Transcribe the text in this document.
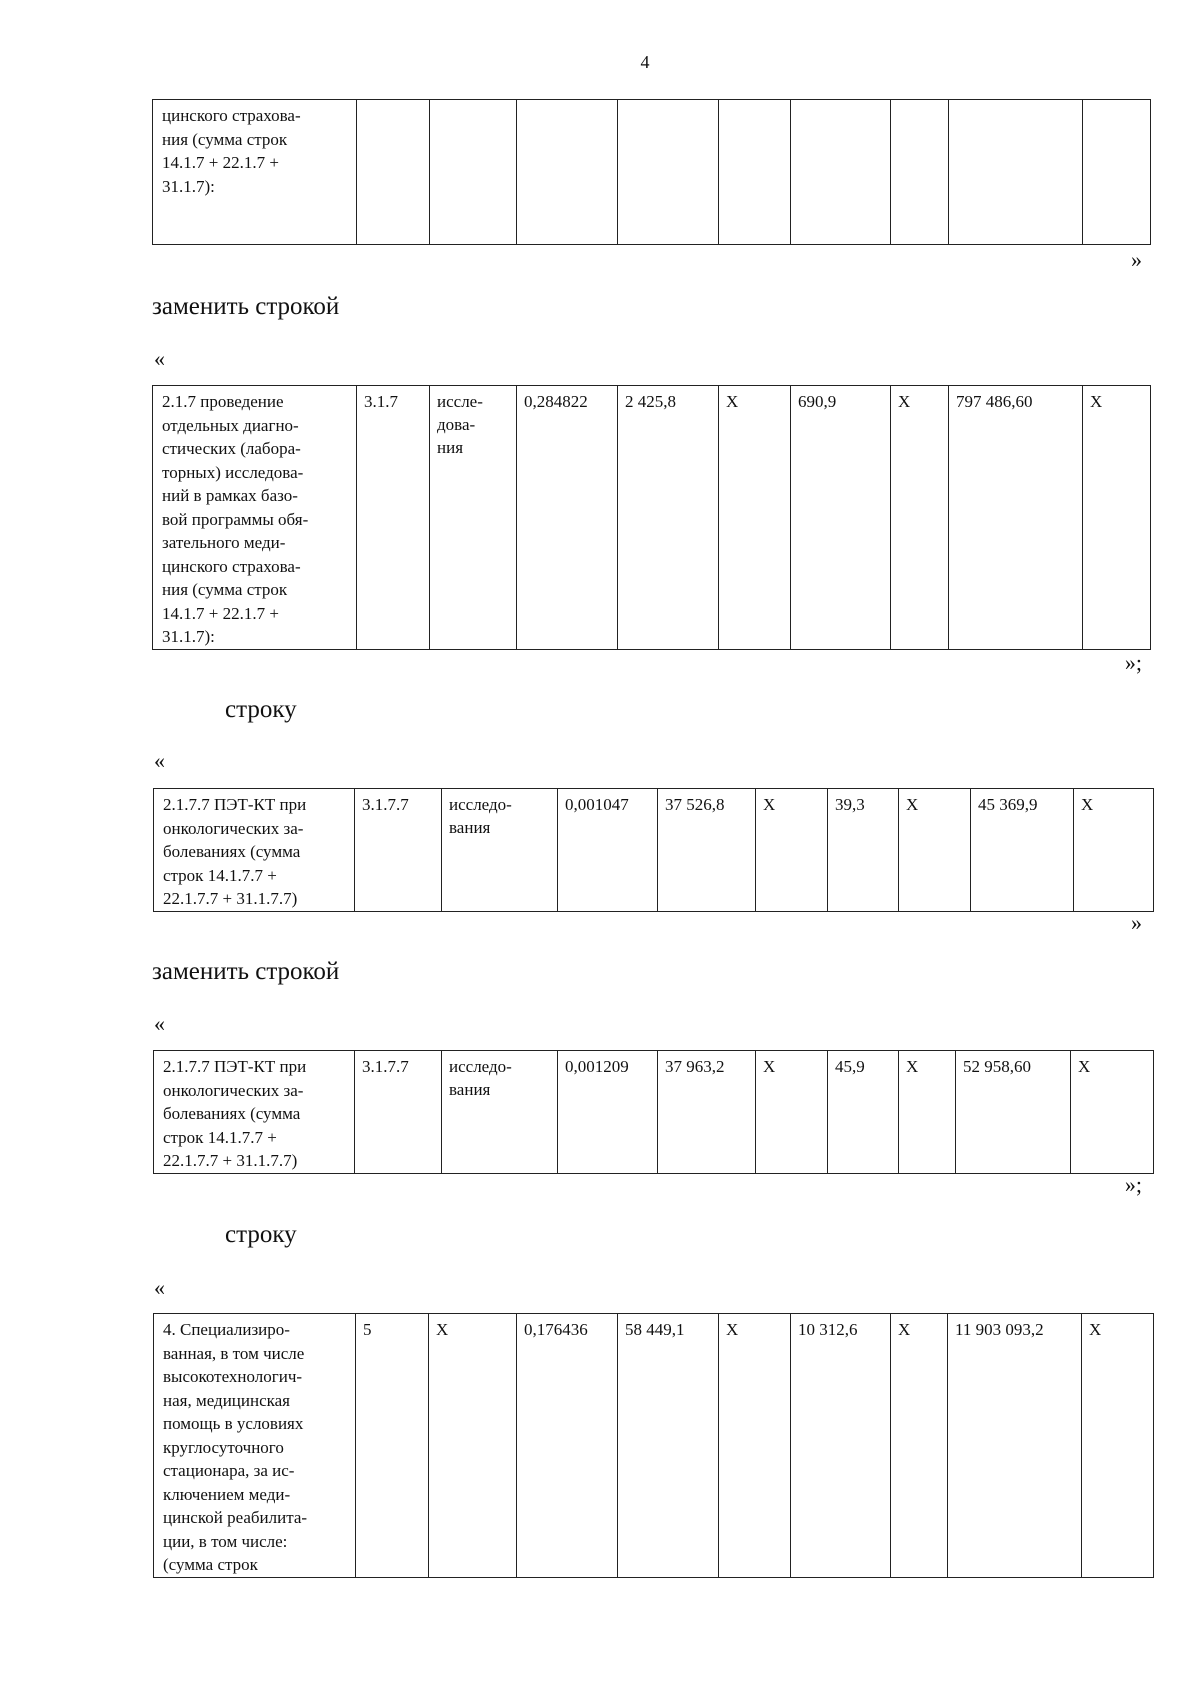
4
цинского страхова-
ния (сумма строк
14.1.7 + 22.1.7 +
31.1.7):									
»
заменить строкой
«
2.1.7 проведение
отдельных диагно-
стических (лабора-
торных) исследова-
ний в рамках базо-
вой программы обя-
зательного меди-
цинского страхова-
ния (сумма строк
14.1.7 + 22.1.7 +
31.1.7):	3.1.7	иссле-
дова-
ния	0,284822	2 425,8	Х	690,9	Х	797 486,60	Х
»;
строку
«
2.1.7.7 ПЭТ-КТ при
онкологических за-
болеваниях (сумма
строк 14.1.7.7 +
22.1.7.7 + 31.1.7.7)	3.1.7.7	исследо-
вания	0,001047	37 526,8	Х	39,3	Х	45 369,9	Х
»
заменить строкой
«
2.1.7.7 ПЭТ-КТ при
онкологических за-
болеваниях (сумма
строк 14.1.7.7 +
22.1.7.7 + 31.1.7.7)	3.1.7.7	исследо-
вания	0,001209	37 963,2	Х	45,9	Х	52 958,60	Х
»;
строку
«
4. Специализиро-
ванная, в том числе
высокотехнологич-
ная, медицинская
помощь в условиях
круглосуточного
стационара, за ис-
ключением меди-
цинской реабилита-
ции, в том числе:
(сумма строк	5	Х	0,176436	58 449,1	Х	10 312,6	Х	11 903 093,2	Х
